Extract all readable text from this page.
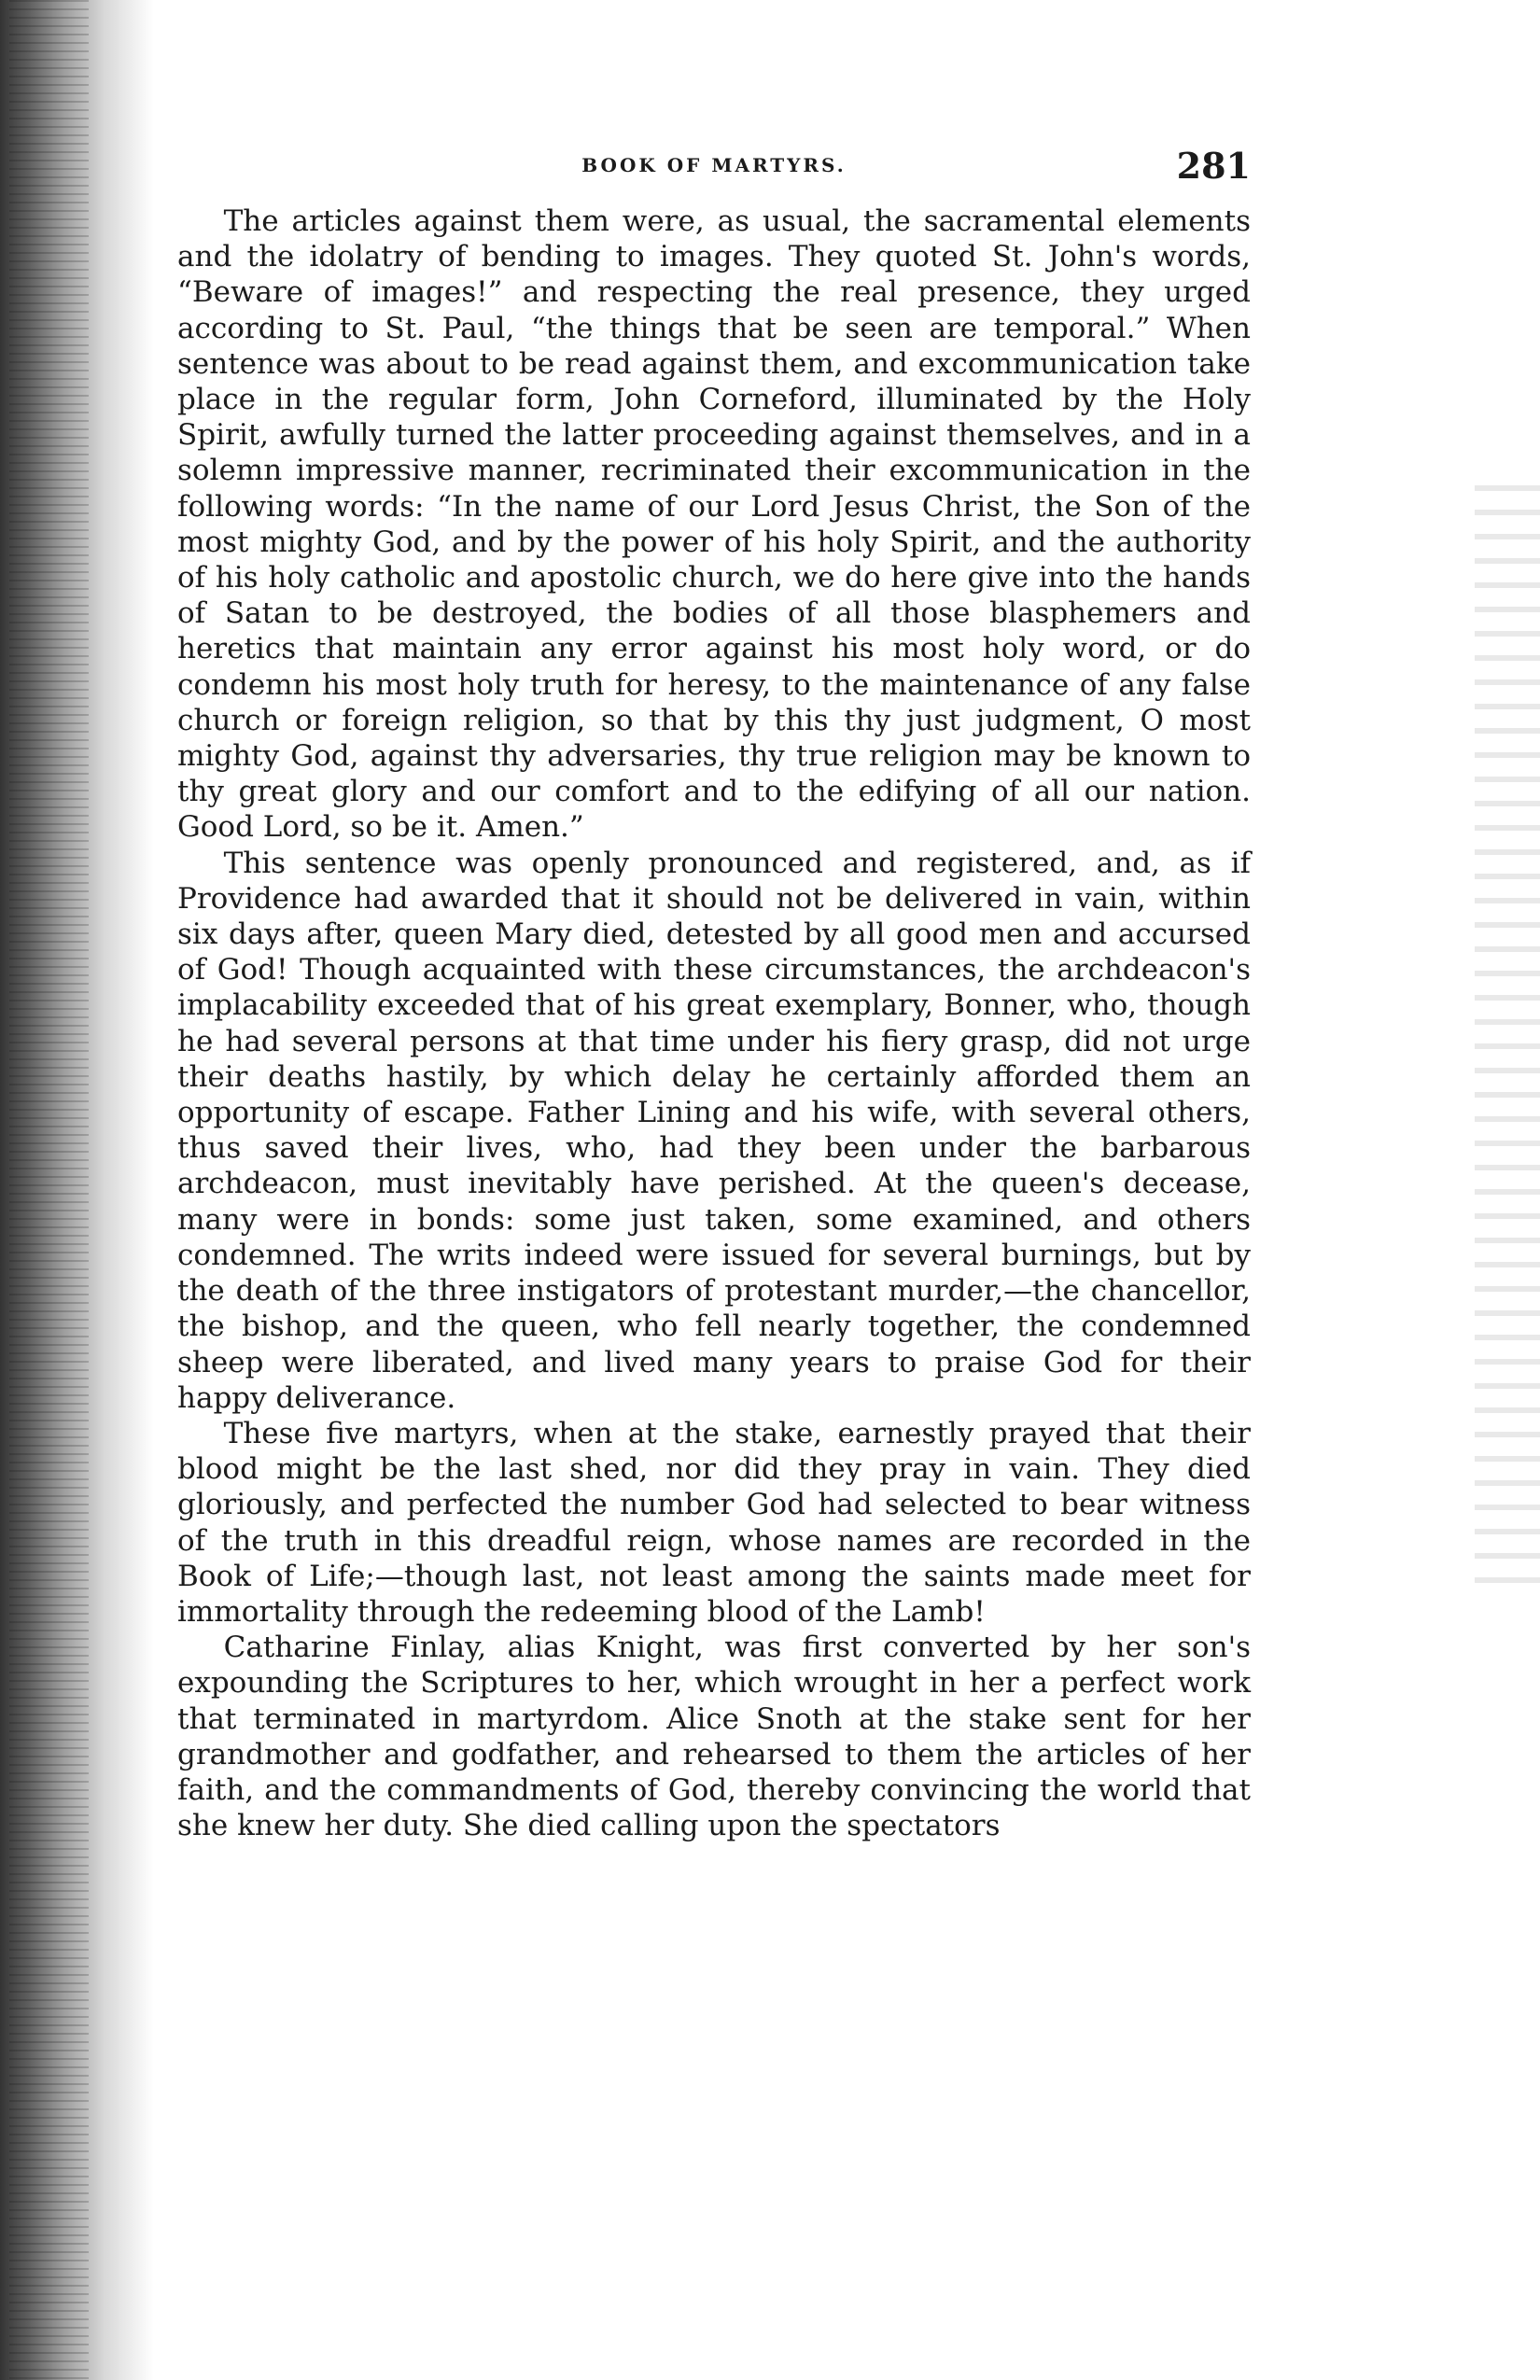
BOOK OF MARTYRS.	281

The articles against them were, as usual, the sacramental elements and the idolatry of bending to images. They quoted St. John's words, “Beware of images!” and respecting the real presence, they urged according to St. Paul, “the things that be seen are temporal.” When sentence was about to be read against them, and excommunication take place in the regular form, John Corneford, illuminated by the Holy Spirit, awfully turned the latter proceeding against themselves, and in a solemn impressive manner, recriminated their excommunication in the following words: “In the name of our Lord Jesus Christ, the Son of the most mighty God, and by the power of his holy Spirit, and the authority of his holy catholic and apostolic church, we do here give into the hands of Satan to be destroyed, the bodies of all those blasphemers and heretics that maintain any error against his most holy word, or do condemn his most holy truth for heresy, to the maintenance of any false church or foreign religion, so that by this thy just judgment, O most mighty God, against thy adversaries, thy true religion may be known to thy great glory and our comfort and to the edifying of all our nation. Good Lord, so be it. Amen.”

This sentence was openly pronounced and registered, and, as if Providence had awarded that it should not be delivered in vain, within six days after, queen Mary died, detested by all good men and accursed of God! Though acquainted with these circumstances, the archdeacon's implacability exceeded that of his great exemplary, Bonner, who, though he had several persons at that time under his fiery grasp, did not urge their deaths hastily, by which delay he certainly afforded them an opportunity of escape. Father Lining and his wife, with several others, thus saved their lives, who, had they been under the barbarous archdeacon, must inevitably have perished. At the queen's decease, many were in bonds: some just taken, some examined, and others condemned. The writs indeed were issued for several burnings, but by the death of the three instigators of protestant murder,—the chancellor, the bishop, and the queen, who fell nearly together, the condemned sheep were liberated, and lived many years to praise God for their happy deliverance.

These five martyrs, when at the stake, earnestly prayed that their blood might be the last shed, nor did they pray in vain. They died gloriously, and perfected the number God had selected to bear witness of the truth in this dreadful reign, whose names are recorded in the Book of Life;—though last, not least among the saints made meet for immortality through the redeeming blood of the Lamb!

Catharine Finlay, alias Knight, was first converted by her son's expounding the Scriptures to her, which wrought in her a perfect work that terminated in martyrdom. Alice Snoth at the stake sent for her grandmother and godfather, and rehearsed to them the articles of her faith, and the commandments of God, thereby convincing the world that she knew her duty. She died calling upon the spectators
